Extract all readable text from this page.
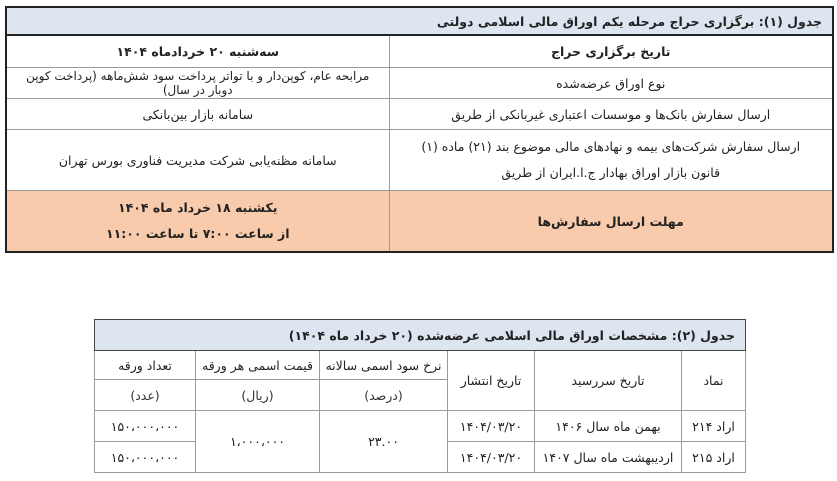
جدول (۱): برگزاری حراج مرحله یکم اوراق مالی اسلامی دولتی	
تاریخ برگزاری حراج	سه‌شنبه ۲۰ خردادماه ۱۴۰۴
نوع اوراق عرضه‌شده	مرابحه عام، کوپن‌دار و با تواتر پرداخت سود شش‌ماهه (پرداخت کوپن دوبار در سال)
ارسال سفارش بانک‌ها و موسسات اعتباری غیربانکی از طریق	سامانه بازار بین‌بانکی

ارسال سفارش شرکت‌های بیمه و نهادهای مالی موضوع بند (۲۱) ماده (۱)
قانون بازار اوراق بهادار ج.ا.ایران از طریق	سامانه مظنه‌یابی شرکت مدیریت فناوری بورس تهران
مهلت ارسال سفارش‌ها	یکشنبه ۱۸ خرداد ماه ۱۴۰۴
از ساعت ۷:۰۰ تا ساعت ۱۱:۰۰
جدول (۲): مشخصات اوراق مالی اسلامی عرضه‌شده (۲۰ خرداد ماه ۱۴۰۴)					
نماد	تاریخ سررسید	تاریخ انتشار	نرخ سود اسمی سالانه	قیمت اسمی هر ورقه	تعداد ورقه
			(درصد)	(ریال)	(عدد)
اراد ۲۱۴	بهمن ماه سال ۱۴۰۶	۱۴۰۴/۰۳/۲۰	۲۳.۰۰	۱،۰۰۰،۰۰۰	۱۵۰،۰۰۰،۰۰۰
اراد ۲۱۵	اردیبهشت ماه سال ۱۴۰۷	۱۴۰۴/۰۳/۲۰			۱۵۰،۰۰۰،۰۰۰
